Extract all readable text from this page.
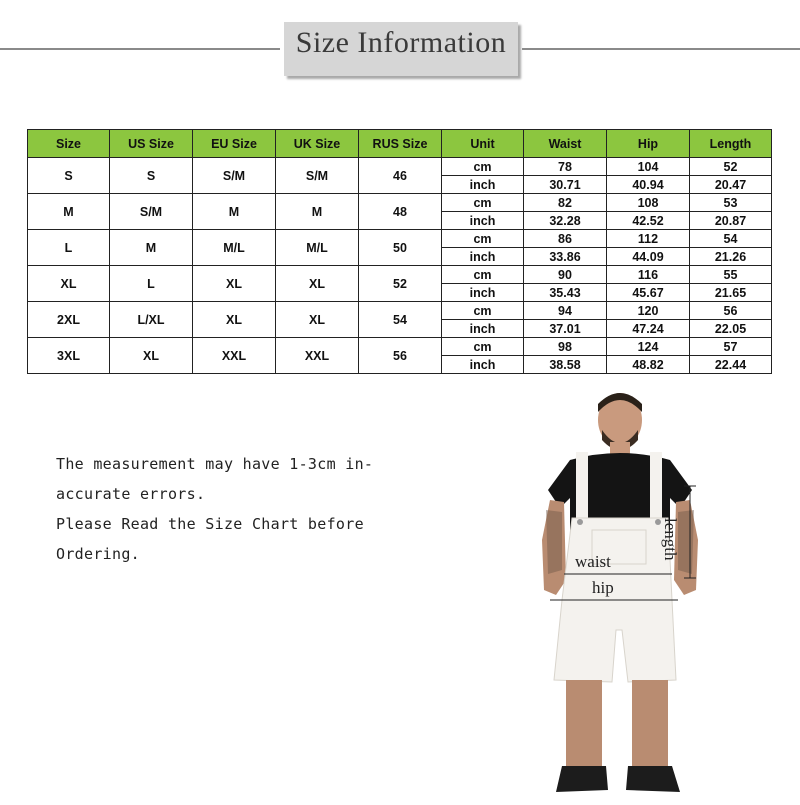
Size Information
Size	US Size	EU Size	UK Size	RUS Size	Unit	Waist	Hip	Length
S	S	S/M	S/M	46	cm	78	104	52
					inch	30.71	40.94	20.47
M	S/M	M	M	48	cm	82	108	53
					inch	32.28	42.52	20.87
L	M	M/L	M/L	50	cm	86	112	54
					inch	33.86	44.09	21.26
XL	L	XL	XL	52	cm	90	116	55
					inch	35.43	45.67	21.65
2XL	L/XL	XL	XL	54	cm	94	120	56
					inch	37.01	47.24	22.05
3XL	XL	XXL	XXL	56	cm	98	124	57
					inch	38.58	48.82	22.44
The measurement may have 1-3cm in-
accurate errors.
Please Read the Size Chart before
Ordering.	waist
hip
length
